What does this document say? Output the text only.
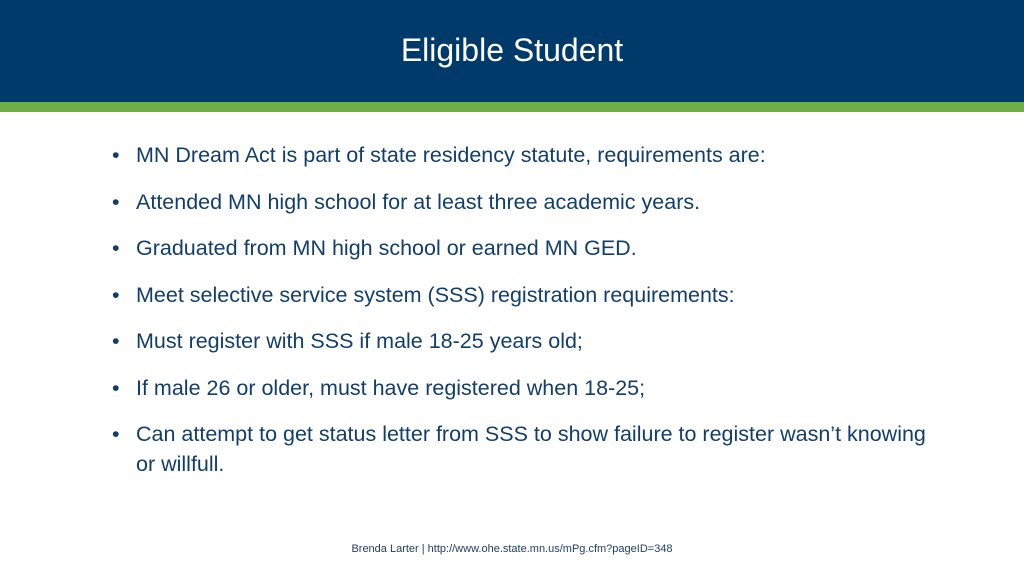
Eligible Student
• MN Dream Act is part of state residency statute, requirements are:
• Attended MN high school for at least three academic years.
• Graduated from MN high school or earned MN GED.
• Meet selective service system (SSS) registration requirements:
• Must register with SSS if male 18-25 years old;
• If male 26 or older, must have registered when 18-25;
• Can attempt to get status letter from SSS to show failure to register wasn’t knowing or willfull.
Brenda Larter | http://www.ohe.state.mn.us/mPg.cfm?pageID=348
